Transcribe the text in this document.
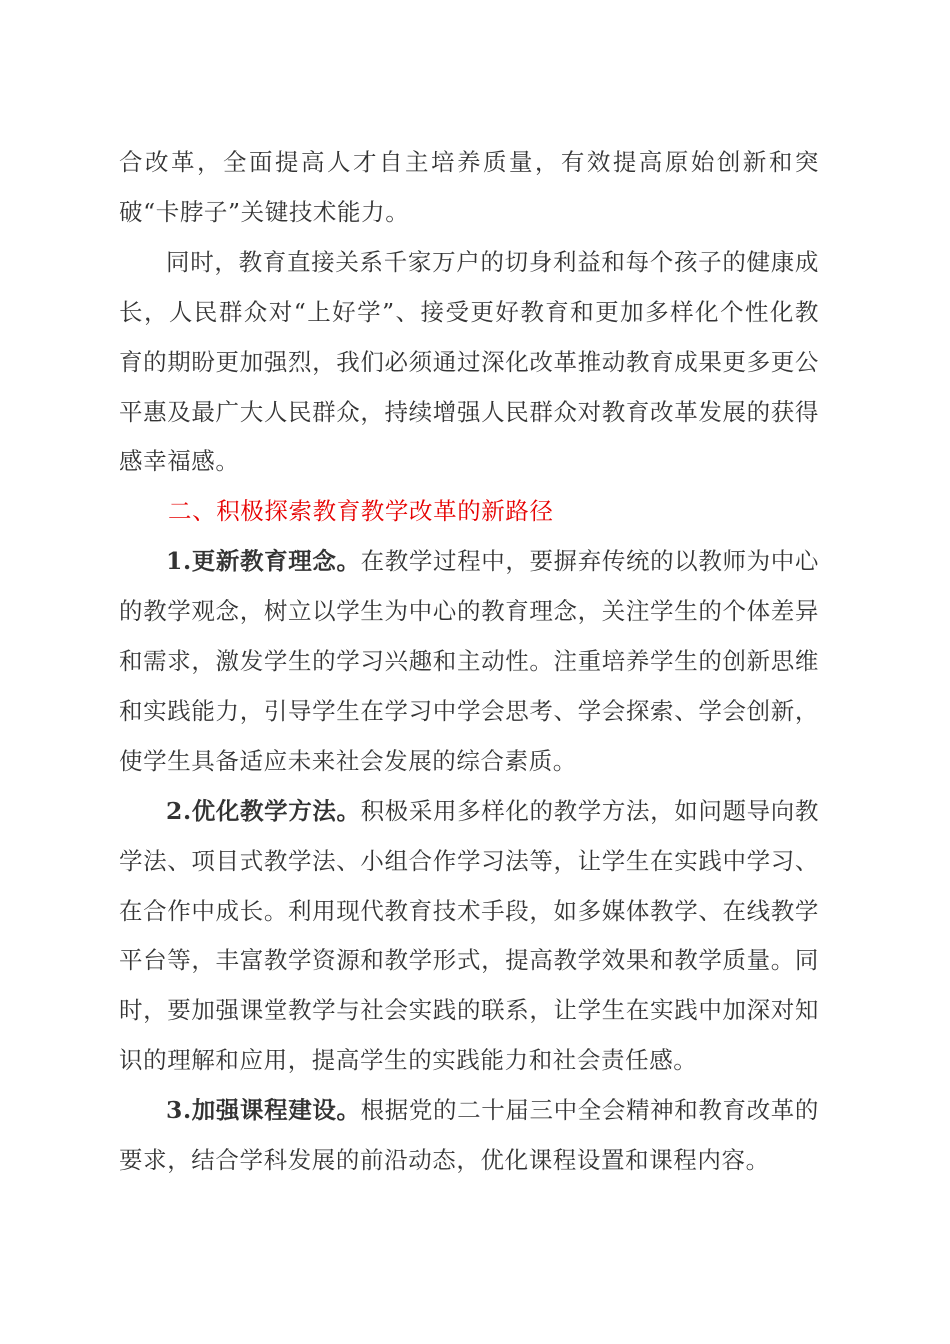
合改革，全面提高人才自主培养质量，有效提高原始创新和突破“卡脖子”关键技术能力。

同时，教育直接关系千家万户的切身利益和每个孩子的健康成长，人民群众对“上好学”、接受更好教育和更加多样化个性化教育的期盼更加强烈，我们必须通过深化改革推动教育成果更多更公平惠及最广大人民群众，持续增强人民群众对教育改革发展的获得感幸福感。

二、积极探索教育教学改革的新路径

1.更新教育理念。在教学过程中，要摒弃传统的以教师为中心的教学观念，树立以学生为中心的教育理念，关注学生的个体差异和需求，激发学生的学习兴趣和主动性。注重培养学生的创新思维和实践能力，引导学生在学习中学会思考、学会探索、学会创新，使学生具备适应未来社会发展的综合素质。

2.优化教学方法。积极采用多样化的教学方法，如问题导向教学法、项目式教学法、小组合作学习法等，让学生在实践中学习、在合作中成长。利用现代教育技术手段，如多媒体教学、在线教学平台等，丰富教学资源和教学形式，提高教学效果和教学质量。同时，要加强课堂教学与社会实践的联系，让学生在实践中加深对知识的理解和应用，提高学生的实践能力和社会责任感。

3.加强课程建设。根据党的二十届三中全会精神和教育改革的要求，结合学科发展的前沿动态，优化课程设置和课程内容。
